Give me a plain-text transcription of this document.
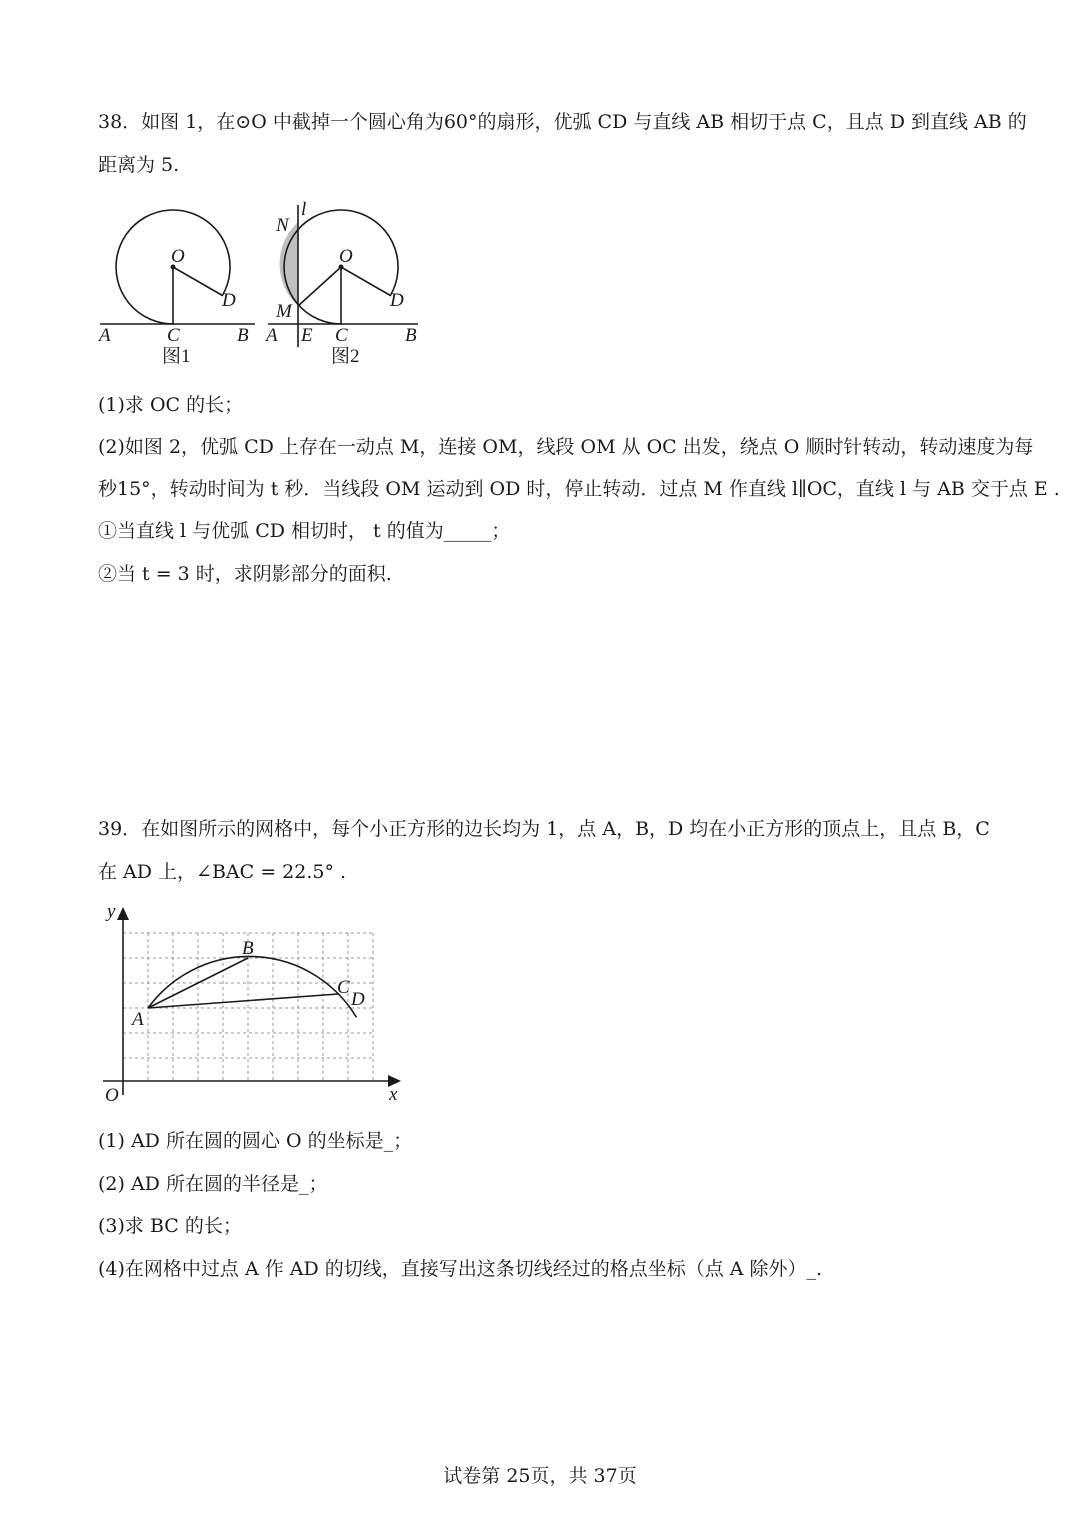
38．如图 1，在⊙O 中截掉一个圆心角为60°的扇形，优弧 CD 与直线 AB 相切于点 C，且点 D 到直线 AB 的
距离为 5.
O
D
A	C	B
图1
l
N
O
D
M
A E C	B
图2
(1)求 OC 的长；
(2)如图 2，优弧 CD 上存在一动点 M，连接 OM，线段 OM 从 OC 出发，绕点 O 顺时针转动，转动速度为每
秒15°，转动时间为 t 秒．当线段 OM 运动到 OD 时，停止转动．过点 M 作直线 l∥OC，直线 l 与 AB 交于点 E .
①当直线 l 与优弧 CD 相切时， t 的值为_____；
②当 t = 3 时，求阴影部分的面积.
39．在如图所示的网格中，每个小正方形的边长均为 1，点 A，B，D 均在小正方形的顶点上，且点 B，C
在 AD 上，∠BAC = 22.5° .
y
x
O
A
B
C
D
(1) AD 所在圆的圆心 O 的坐标是_；
(2) AD 所在圆的半径是_；
(3)求 BC 的长；
(4)在网格中过点 A 作 AD 的切线，直接写出这条切线经过的格点坐标（点 A 除外）_.
试卷第 25页，共 37页
